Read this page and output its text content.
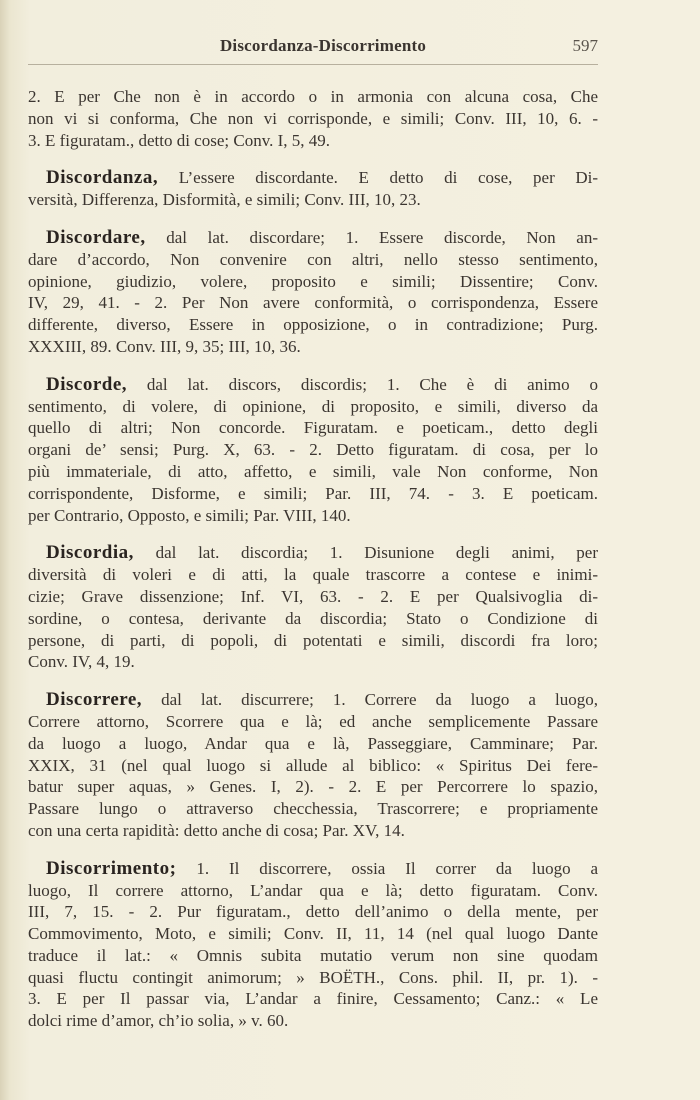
Discordanza-Discorrimento	597
2. E per Che non è in accordo o in armonia con alcuna cosa, Che
non vi si conforma, Che non vi corrisponde, e simili; Conv. III, 10, 6. -
3. E figuratam., detto di cose; Conv. I, 5, 49.
Discordanza, L’essere discordante. E detto di cose, per Di-
versità, Differenza, Disformità, e simili; Conv. III, 10, 23.
Discordare, dal lat. discordare; 1. Essere discorde, Non an-
dare d’accordo, Non convenire con altri, nello stesso sentimento,
opinione, giudizio, volere, proposito e simili; Dissentire; Conv.
IV, 29, 41. - 2. Per Non avere conformità, o corrispondenza, Essere
differente, diverso, Essere in opposizione, o in contradizione; Purg.
XXXIII, 89. Conv. III, 9, 35; III, 10, 36.
Discorde, dal lat. discors, discordis; 1. Che è di animo o
sentimento, di volere, di opinione, di proposito, e simili, diverso da
quello di altri; Non concorde. Figuratam. e poeticam., detto degli
organi de’ sensi; Purg. X, 63. - 2. Detto figuratam. di cosa, per lo
più immateriale, di atto, affetto, e simili, vale Non conforme, Non
corrispondente, Disforme, e simili; Par. III, 74. - 3. E poeticam.
per Contrario, Opposto, e simili; Par. VIII, 140.
Discordia, dal lat. discordia; 1. Disunione degli animi, per
diversità di voleri e di atti, la quale trascorre a contese e inimi-
cizie; Grave dissenzione; Inf. VI, 63. - 2. E per Qualsivoglia di-
sordine, o contesa, derivante da discordia; Stato o Condizione di
persone, di parti, di popoli, di potentati e simili, discordi fra loro;
Conv. IV, 4, 19.
Discorrere, dal lat. discurrere; 1. Correre da luogo a luogo,
Correre attorno, Scorrere qua e là; ed anche semplicemente Passare
da luogo a luogo, Andar qua e là, Passeggiare, Camminare; Par.
XXIX, 31 (nel qual luogo si allude al biblico: « Spiritus Dei fere-
batur super aquas, » Genes. I, 2). - 2. E per Percorrere lo spazio,
Passare lungo o attraverso checchessia, Trascorrere; e propriamente
con una certa rapidità: detto anche di cosa; Par. XV, 14.
Discorrimento; 1. Il discorrere, ossia Il correr da luogo a
luogo, Il correre attorno, L’andar qua e là; detto figuratam. Conv.
III, 7, 15. - 2. Pur figuratam., detto dell’animo o della mente, per
Commovimento, Moto, e simili; Conv. II, 11, 14 (nel qual luogo Dante
traduce il lat.: « Omnis subita mutatio verum non sine quodam
quasi fluctu contingit animorum; » BOËTH., Cons. phil. II, pr. 1). -
3. E per Il passar via, L’andar a finire, Cessamento; Canz.: « Le
dolci rime d’amor, ch’io solia, » v. 60.
